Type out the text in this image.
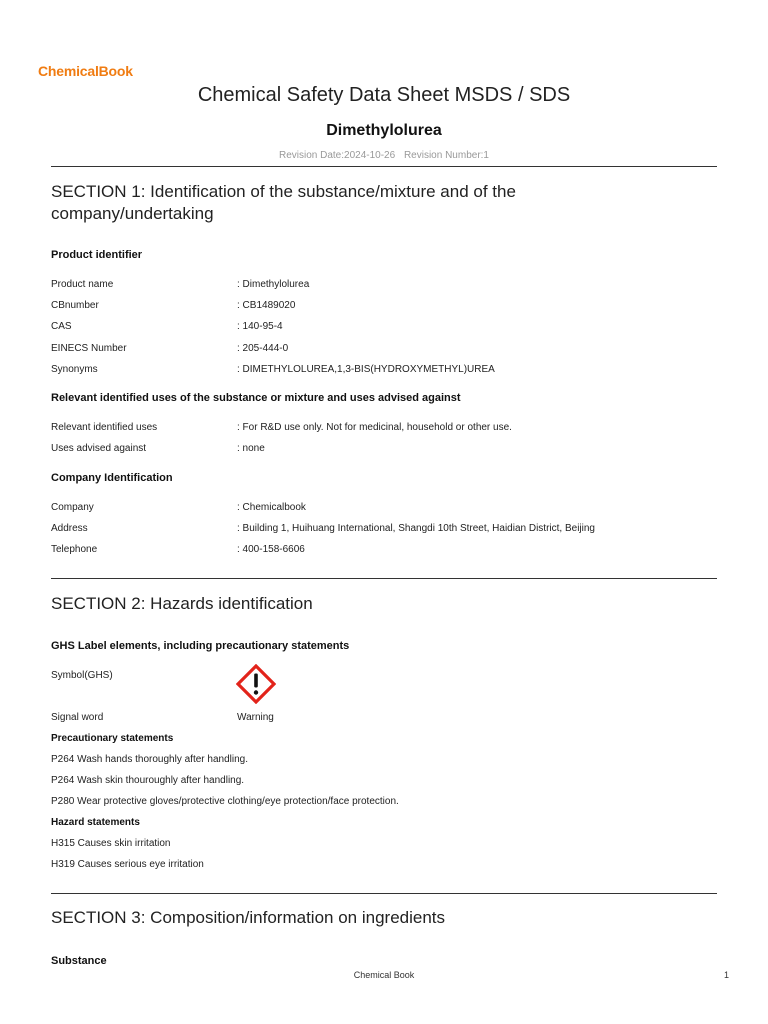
ChemicalBook
Chemical Safety Data Sheet MSDS / SDS
Dimethylolurea
Revision Date:2024-10-26 Revision Number:1
SECTION 1: Identification of the substance/mixture and of the company/undertaking
Product identifier
Product name	: Dimethylolurea
CBnumber	: CB1489020
CAS	: 140-95-4
EINECS Number	: 205-444-0
Synonyms	: DIMETHYLOLUREA,1,3-BIS(HYDROXYMETHYL)UREA
Relevant identified uses of the substance or mixture and uses advised against
Relevant identified uses	: For R&D use only. Not for medicinal, household or other use.
Uses advised against	: none
Company Identification
Company	: Chemicalbook
Address	: Building 1, Huihuang International, Shangdi 10th Street, Haidian District, Beijing
Telephone	: 400-158-6606
SECTION 2: Hazards identification
GHS Label elements, including precautionary statements
Symbol(GHS)
Signal word	Warning
Precautionary statements
P264 Wash hands thoroughly after handling.
P264 Wash skin thouroughly after handling.
P280 Wear protective gloves/protective clothing/eye protection/face protection.
Hazard statements
H315 Causes skin irritation
H319 Causes serious eye irritation
SECTION 3: Composition/information on ingredients
Substance
Chemical Book	1
